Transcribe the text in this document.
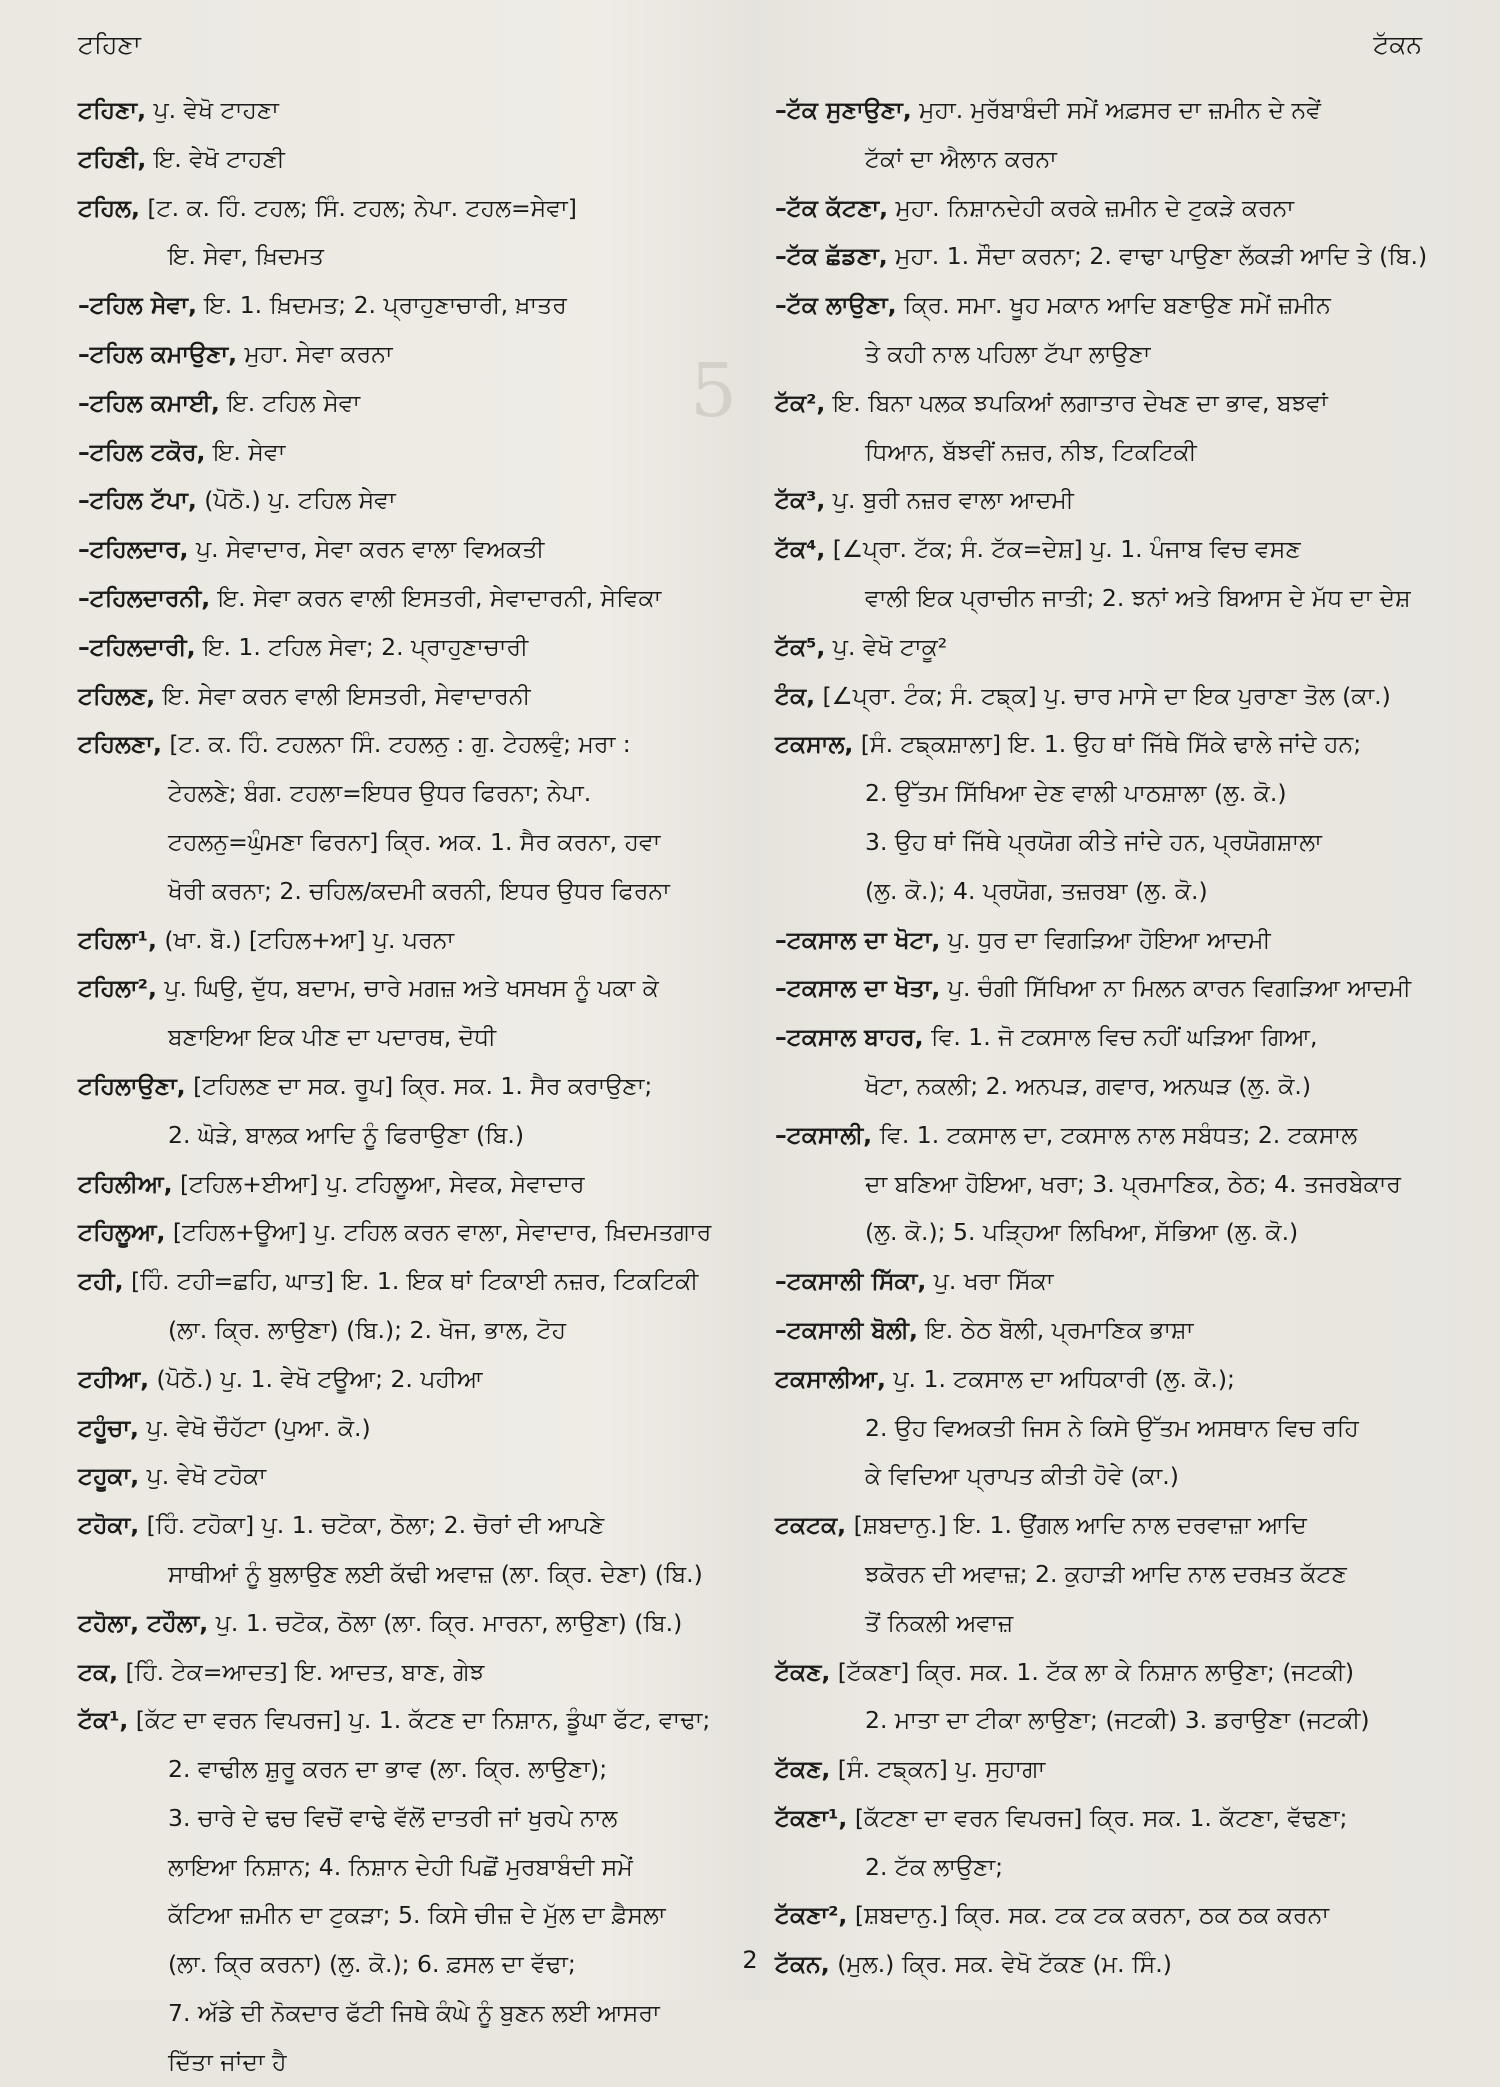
5
ਟਹਿਣਾ	ਟੱਕਨ
ਟਹਿਣਾ, ਪੁ. ਵੇਖੋ ਟਾਹਣਾ
ਟਹਿਣੀ, ਇ. ਵੇਖੋ ਟਾਹਣੀ
ਟਹਿਲ, [ਟ. ਕ. ਹਿੰ. ਟਹਲ; ਸਿੰ. ਟਹਲ; ਨੇਪਾ. ਟਹਲ=ਸੇਵਾ]
ਇ. ਸੇਵਾ, ਖ਼ਿਦਮਤ
–ਟਹਿਲ ਸੇਵਾ, ਇ. 1. ਖ਼ਿਦਮਤ; 2. ਪ੍ਰਾਹੁਣਾਚਾਰੀ, ਖ਼ਾਤਰ
–ਟਹਿਲ ਕਮਾਉਣਾ, ਮੁਹਾ. ਸੇਵਾ ਕਰਨਾ
–ਟਹਿਲ ਕਮਾਈ, ਇ. ਟਹਿਲ ਸੇਵਾ
–ਟਹਿਲ ਟਕੋਰ, ਇ. ਸੇਵਾ
–ਟਹਿਲ ਟੱਪਾ, (ਪੋਠੋ.) ਪੁ. ਟਹਿਲ ਸੇਵਾ
–ਟਹਿਲਦਾਰ, ਪੁ. ਸੇਵਾਦਾਰ, ਸੇਵਾ ਕਰਨ ਵਾਲਾ ਵਿਅਕਤੀ
–ਟਹਿਲਦਾਰਨੀ, ਇ. ਸੇਵਾ ਕਰਨ ਵਾਲੀ ਇਸਤਰੀ, ਸੇਵਾਦਾਰਨੀ, ਸੇਵਿਕਾ
–ਟਹਿਲਦਾਰੀ, ਇ. 1. ਟਹਿਲ ਸੇਵਾ; 2. ਪ੍ਰਾਹੁਣਾਚਾਰੀ
ਟਹਿਲਣ, ਇ. ਸੇਵਾ ਕਰਨ ਵਾਲੀ ਇਸਤਰੀ, ਸੇਵਾਦਾਰਨੀ
ਟਹਿਲਣਾ, [ਟ. ਕ. ਹਿੰ. ਟਹਲਨਾ ਸਿੰ. ਟਹਲਨੁ : ਗੁ. ਟੇਹਲਵੁੰ; ਮਰਾ :
ਟੇਹਲਣੇ; ਬੰਗ. ਟਹਲਾ=ਇਧਰ ਉਧਰ ਫਿਰਨਾ; ਨੇਪਾ.
ਟਹਲਨੁ=ਘੁੰਮਣਾ ਫਿਰਨਾ] ਕ੍ਰਿ. ਅਕ. 1. ਸੈਰ ਕਰਨਾ, ਹਵਾ
ਖੋਰੀ ਕਰਨਾ; 2. ਚਹਿਲ/ਕਦਮੀ ਕਰਨੀ, ਇਧਰ ਉਧਰ ਫਿਰਨਾ
ਟਹਿਲਾ¹, (ਖਾ. ਬੋ.) [ਟਹਿਲ+ਆ] ਪੁ. ਪਰਨਾ
ਟਹਿਲਾ², ਪੁ. ਘਿਉ, ਦੁੱਧ, ਬਦਾਮ, ਚਾਰੇ ਮਗਜ਼ ਅਤੇ ਖਸਖਸ ਨੂੰ ਪਕਾ ਕੇ
ਬਣਾਇਆ ਇਕ ਪੀਣ ਦਾ ਪਦਾਰਥ, ਦੋਧੀ
ਟਹਿਲਾਉਣਾ, [ਟਹਿਲਣ ਦਾ ਸਕ. ਰੂਪ] ਕ੍ਰਿ. ਸਕ. 1. ਸੈਰ ਕਰਾਉਣਾ;
2. ਘੋੜੇ, ਬਾਲਕ ਆਦਿ ਨੂੰ ਫਿਰਾਉਣਾ (ਬਿ.)
ਟਹਿਲੀਆ, [ਟਹਿਲ+ਈਆ] ਪੁ. ਟਹਿਲੂਆ, ਸੇਵਕ, ਸੇਵਾਦਾਰ
ਟਹਿਲੂਆ, [ਟਹਿਲ+ਊਆ] ਪੁ. ਟਹਿਲ ਕਰਨ ਵਾਲਾ, ਸੇਵਾਦਾਰ, ਖ਼ਿਦਮਤਗਾਰ
ਟਹੀ, [ਹਿੰ. ਟਹੀ=ਛਹਿ, ਘਾਤ] ਇ. 1. ਇਕ ਥਾਂ ਟਿਕਾਈ ਨਜ਼ਰ, ਟਿਕਟਿਕੀ
(ਲਾ. ਕ੍ਰਿ. ਲਾਉਣਾ) (ਬਿ.); 2. ਖੋਜ, ਭਾਲ, ਟੋਹ
ਟਹੀਆ, (ਪੋਠੋ.) ਪੁ. 1. ਵੇਖੋ ਟਊਆ; 2. ਪਹੀਆ
ਟਹੂੰਚਾ, ਪੁ. ਵੇਖੋ ਚੌਹੱਟਾ (ਪੁਆ. ਕੋ.)
ਟਹੂਕਾ, ਪੁ. ਵੇਖੋ ਟਹੋਕਾ
ਟਹੋਕਾ, [ਹਿੰ. ਟਹੋਕਾ] ਪੁ. 1. ਚਟੋਕਾ, ਠੋਲਾ; 2. ਚੋਰਾਂ ਦੀ ਆਪਣੇ
ਸਾਥੀਆਂ ਨੂੰ ਬੁਲਾਉਣ ਲਈ ਕੱਢੀ ਅਵਾਜ਼ (ਲਾ. ਕ੍ਰਿ. ਦੇਣਾ) (ਬਿ.)
ਟਹੋਲਾ, ਟਹੌਲਾ, ਪੁ. 1. ਚਟੋਕ, ਠੋਲਾ (ਲਾ. ਕ੍ਰਿ. ਮਾਰਨਾ, ਲਾਉਣਾ) (ਬਿ.)
ਟਕ, [ਹਿੰ. ਟੇਕ=ਆਦਤ] ਇ. ਆਦਤ, ਬਾਣ, ਗੇਝ
ਟੱਕ¹, [ਕੱਟ ਦਾ ਵਰਨ ਵਿਪਰਜ] ਪੁ. 1. ਕੱਟਣ ਦਾ ਨਿਸ਼ਾਨ, ਡੂੰਘਾ ਫੱਟ, ਵਾਢਾ;
2. ਵਾਢੀਲ ਸ਼ੁਰੂ ਕਰਨ ਦਾ ਭਾਵ (ਲਾ. ਕ੍ਰਿ. ਲਾਉਣਾ);
3. ਚਾਰੇ ਦੇ ਢਚ ਵਿਚੋਂ ਵਾਢੇ ਵੱਲੋਂ ਦਾਤਰੀ ਜਾਂ ਖੁਰਪੇ ਨਾਲ
ਲਾਇਆ ਨਿਸ਼ਾਨ; 4. ਨਿਸ਼ਾਨ ਦੇਹੀ ਪਿਛੋਂ ਮੁਰਬਾਬੰਦੀ ਸਮੇਂ
ਕੱਟਿਆ ਜ਼ਮੀਨ ਦਾ ਟੁਕੜਾ; 5. ਕਿਸੇ ਚੀਜ਼ ਦੇ ਮੁੱਲ ਦਾ ਫ਼ੈਸਲਾ
(ਲਾ. ਕ੍ਰਿ ਕਰਨਾ) (ਲੁ. ਕੋ.); 6. ਫ਼ਸਲ ਦਾ ਵੱਢਾ;
7. ਅੱਡੇ ਦੀ ਨੋਕਦਾਰ ਫੱਟੀ ਜਿਥੇ ਕੰਘੇ ਨੂੰ ਬੁਣਨ ਲਈ ਆਸਰਾ
ਦਿੱਤਾ ਜਾਂਦਾ ਹੈ
–ਟੱਕ ਸੁਣਾਉਣਾ, ਮੁਹਾ. ਮੁਰੱਬਾਬੰਦੀ ਸਮੇਂ ਅਫ਼ਸਰ ਦਾ ਜ਼ਮੀਨ ਦੇ ਨਵੇਂ
ਟੱਕਾਂ ਦਾ ਐਲਾਨ ਕਰਨਾ
–ਟੱਕ ਕੱਟਣਾ, ਮੁਹਾ. ਨਿਸ਼ਾਨਦੇਹੀ ਕਰਕੇ ਜ਼ਮੀਨ ਦੇ ਟੁਕੜੇ ਕਰਨਾ
–ਟੱਕ ਛੱਡਣਾ, ਮੁਹਾ. 1. ਸੌਦਾ ਕਰਨਾ; 2. ਵਾਢਾ ਪਾਉਣਾ ਲੱਕੜੀ ਆਦਿ ਤੇ (ਬਿ.)
–ਟੱਕ ਲਾਉਣਾ, ਕ੍ਰਿ. ਸਮਾ. ਖੂਹ ਮਕਾਨ ਆਦਿ ਬਣਾਉਣ ਸਮੇਂ ਜ਼ਮੀਨ
ਤੇ ਕਹੀ ਨਾਲ ਪਹਿਲਾ ਟੱਪਾ ਲਾਉਣਾ
ਟੱਕ², ਇ. ਬਿਨਾ ਪਲਕ ਝਪਕਿਆਂ ਲਗਾਤਾਰ ਦੇਖਣ ਦਾ ਭਾਵ, ਬਝਵਾਂ
ਧਿਆਨ, ਬੱਝਵੀਂ ਨਜ਼ਰ, ਨੀਝ, ਟਿਕਟਿਕੀ
ਟੱਕ³, ਪੁ. ਬੁਰੀ ਨਜ਼ਰ ਵਾਲਾ ਆਦਮੀ
ਟੱਕ⁴, [∠ਪ੍ਰਾ. ਟੱਕ; ਸੰ. ਟੱਕ=ਦੇਸ਼] ਪੁ. 1. ਪੰਜਾਬ ਵਿਚ ਵਸਣ
ਵਾਲੀ ਇਕ ਪ੍ਰਾਚੀਨ ਜਾਤੀ; 2. ਝਨਾਂ ਅਤੇ ਬਿਆਸ ਦੇ ਮੱਧ ਦਾ ਦੇਸ਼
ਟੱਕ⁵, ਪੁ. ਵੇਖੋ ਟਾਕੂ²
ਟੰਕ, [∠ਪ੍ਰਾ. ਟੰਕ; ਸੰ. ਟਙ੍ਕ] ਪੁ. ਚਾਰ ਮਾਸੇ ਦਾ ਇਕ ਪੁਰਾਣਾ ਤੋਲ (ਕਾ.)
ਟਕਸਾਲ, [ਸੰ. ਟਙ੍ਕਸ਼ਾਲਾ] ਇ. 1. ਉਹ ਥਾਂ ਜਿੱਥੇ ਸਿੱਕੇ ਢਾਲੇ ਜਾਂਦੇ ਹਨ;
2. ਉੱਤਮ ਸਿੱਖਿਆ ਦੇਣ ਵਾਲੀ ਪਾਠਸ਼ਾਲਾ (ਲੁ. ਕੋ.)
3. ਉਹ ਥਾਂ ਜਿੱਥੇ ਪ੍ਰਯੋਗ ਕੀਤੇ ਜਾਂਦੇ ਹਨ, ਪ੍ਰਯੋਗਸ਼ਾਲਾ
(ਲੁ. ਕੋ.); 4. ਪ੍ਰਯੋਗ, ਤਜ਼ਰਬਾ (ਲੁ. ਕੋ.)
–ਟਕਸਾਲ ਦਾ ਖੋਟਾ, ਪੁ. ਧੁਰ ਦਾ ਵਿਗੜਿਆ ਹੋਇਆ ਆਦਮੀ
–ਟਕਸਾਲ ਦਾ ਖੋਤਾ, ਪੁ. ਚੰਗੀ ਸਿੱਖਿਆ ਨਾ ਮਿਲਨ ਕਾਰਨ ਵਿਗੜਿਆ ਆਦਮੀ
–ਟਕਸਾਲ ਬਾਹਰ, ਵਿ. 1. ਜੋ ਟਕਸਾਲ ਵਿਚ ਨਹੀਂ ਘੜਿਆ ਗਿਆ,
ਖੋਟਾ, ਨਕਲੀ; 2. ਅਨਪੜ, ਗਵਾਰ, ਅਨਘੜ (ਲੁ. ਕੋ.)
–ਟਕਸਾਲੀ, ਵਿ. 1. ਟਕਸਾਲ ਦਾ, ਟਕਸਾਲ ਨਾਲ ਸਬੰਧਤ; 2. ਟਕਸਾਲ
ਦਾ ਬਣਿਆ ਹੋਇਆ, ਖਰਾ; 3. ਪ੍ਰਮਾਣਿਕ, ਠੇਠ; 4. ਤਜਰਬੇਕਾਰ
(ਲੁ. ਕੋ.); 5. ਪੜ੍ਹਿਆ ਲਿਖਿਆ, ਸੱਭਿਆ (ਲੁ. ਕੋ.)
–ਟਕਸਾਲੀ ਸਿੱਕਾ, ਪੁ. ਖਰਾ ਸਿੱਕਾ
–ਟਕਸਾਲੀ ਬੋਲੀ, ਇ. ਠੇਠ ਬੋਲੀ, ਪ੍ਰਮਾਣਿਕ ਭਾਸ਼ਾ
ਟਕਸਾਲੀਆ, ਪੁ. 1. ਟਕਸਾਲ ਦਾ ਅਧਿਕਾਰੀ (ਲੁ. ਕੋ.);
2. ਉਹ ਵਿਅਕਤੀ ਜਿਸ ਨੇ ਕਿਸੇ ਉੱਤਮ ਅਸਥਾਨ ਵਿਚ ਰਹਿ
ਕੇ ਵਿਦਿਆ ਪ੍ਰਾਪਤ ਕੀਤੀ ਹੋਵੇ (ਕਾ.)
ਟਕਟਕ, [ਸ਼ਬਦਾਨੁ.] ਇ. 1. ਉਂਗਲ ਆਦਿ ਨਾਲ ਦਰਵਾਜ਼ਾ ਆਦਿ
ਝਕੋਰਨ ਦੀ ਅਵਾਜ਼; 2. ਕੁਹਾੜੀ ਆਦਿ ਨਾਲ ਦਰਖ਼ਤ ਕੱਟਣ
ਤੋਂ ਨਿਕਲੀ ਅਵਾਜ਼
ਟੱਕਣ, [ਟੱਕਣਾ] ਕ੍ਰਿ. ਸਕ. 1. ਟੱਕ ਲਾ ਕੇ ਨਿਸ਼ਾਨ ਲਾਉਣਾ; (ਜਟਕੀ)
2. ਮਾਤਾ ਦਾ ਟੀਕਾ ਲਾਉਣਾ; (ਜਟਕੀ) 3. ਡਰਾਉਣਾ (ਜਟਕੀ)
ਟੱਕਣ, [ਸੰ. ਟਙ੍ਕਨ] ਪੁ. ਸੁਹਾਗਾ
ਟੱਕਣਾ¹, [ਕੱਟਣਾ ਦਾ ਵਰਨ ਵਿਪਰਜ] ਕ੍ਰਿ. ਸਕ. 1. ਕੱਟਣਾ, ਵੱਢਣਾ;
2. ਟੱਕ ਲਾਉਣਾ;
ਟੱਕਣਾ², [ਸ਼ਬਦਾਨੁ.] ਕ੍ਰਿ. ਸਕ. ਟਕ ਟਕ ਕਰਨਾ, ਠਕ ਠਕ ਕਰਨਾ
ਟੱਕਨ, (ਮੁਲ.) ਕ੍ਰਿ. ਸਕ. ਵੇਖੋ ਟੱਕਣ (ਮ. ਸਿੰ.)
2
